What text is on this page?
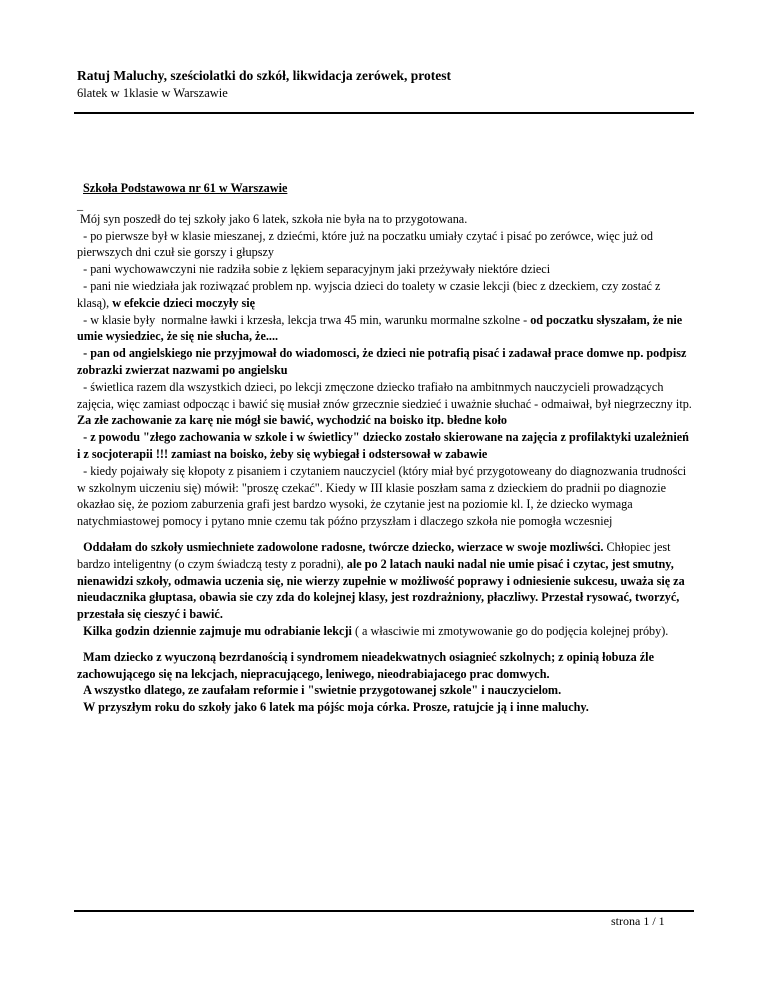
Ratuj Maluchy, sześciolatki do szkół, likwidacja zerówek, protest
6latek w 1klasie w Warszawie
Szkoła Podstawowa nr 61 w Warszawie
_

Mój syn poszedł do tej szkoły jako 6 latek, szkoła nie była na to przygotowana.

- po pierwsze był w klasie mieszanej, z dziećmi, które już na poczatku umiały czytać i pisać po zerówce, więc już od pierwszych dni czuł sie gorszy i głupszy

- pani wychowawczyni nie radziła sobie z lękiem separacyjnym jaki przeżywały niektóre dzieci

- pani nie wiedziała jak roziwązać problem np. wyjscia dzieci do toalety w czasie lekcji (biec z dzeckiem, czy zostać z klasą), w efekcie dzieci moczyły się

- w klasie były  normalne ławki i krzesła, lekcja trwa 45 min, warunku mormalne szkolne - od poczatku słyszałam, że nie umie wysiedziec, że się nie słucha, że....

- pan od angielskiego nie przyjmował do wiadomosci, że dzieci nie potrafią pisać i zadawał prace domwe np. podpisz zobrazki zwierzat nazwami po angielsku

- świetlica razem dla wszystkich dzieci, po lekcji zmęczone dziecko trafiało na ambitnmych nauczycieli prowadzących zajęcia, więc zamiast odpocząc i bawić się musiał znów grzecznie siedzieć i uważnie słuchać - odmaiwał, był niegrzeczny itp. Za złe zachowanie za karę nie mógł sie bawić, wychodzić na boisko itp. błedne koło

- z powodu "złego zachowania w szkole i w świetlicy" dziecko zostało skierowane na zajęcia z profilaktyki uzależnień i z socjoterapii !!! zamiast na boisko, żeby się wybiegał i odstersował w zabawie

- kiedy pojaiwały się kłopoty z pisaniem i czytaniem nauczyciel (który miał być przygotoweany do diagnozwania trudności w szkolnym uiczeniu się) mówił: "proszę czekać". Kiedy w III klasie poszłam sama z dzieckiem do pradnii po diagnozie okazłao się, że poziom zaburzenia grafi jest bardzo wysoki, że czytanie jest na poziomie kl. I, że dziecko wymaga natychmiastowej pomocy i pytano mnie czemu tak późno przyszłam i dlaczego szkoła nie pomogła wczesniej

Oddałam do szkoły usmiechniete zadowolone radosne, twórcze dziecko, wierzace w swoje mozliwści. Chłopiec jest bardzo inteligentny (o czym świadczą testy z poradni), ale po 2 latach nauki nadal nie umie pisać i czytac, jest smutny, nienawidzi szkoły, odmawia uczenia się, nie wierzy zupełnie w możliwość poprawy i odniesienie sukcesu, uważa się za nieudacznika głuptasa, obawia sie czy zda do kolejnej klasy, jest rozdrażniony, płaczliwy. Przestał rysować, tworzyć, przestała się cieszyć i bawić.

Kilka godzin dziennie zajmuje mu odrabianie lekcji ( a własciwie mi zmotywowanie go do podjęcia kolejnej próby).

Mam dziecko z wyuczoną bezrdanością i syndromem nieadekwatnych osiagnieć szkolnych; z opinią łobuza źle zachowującego się na lekcjach, niepracującego, leniwego, nieodrabiajacego prac domwych.

A wszystko dlatego, ze zaufałam reformie i "swietnie przygotowanej szkole" i nauczycielom.

W przyszłym roku do szkoły jako 6 latek ma pójśc moja córka. Prosze, ratujcie ją i inne maluchy.

strona 1 / 1
